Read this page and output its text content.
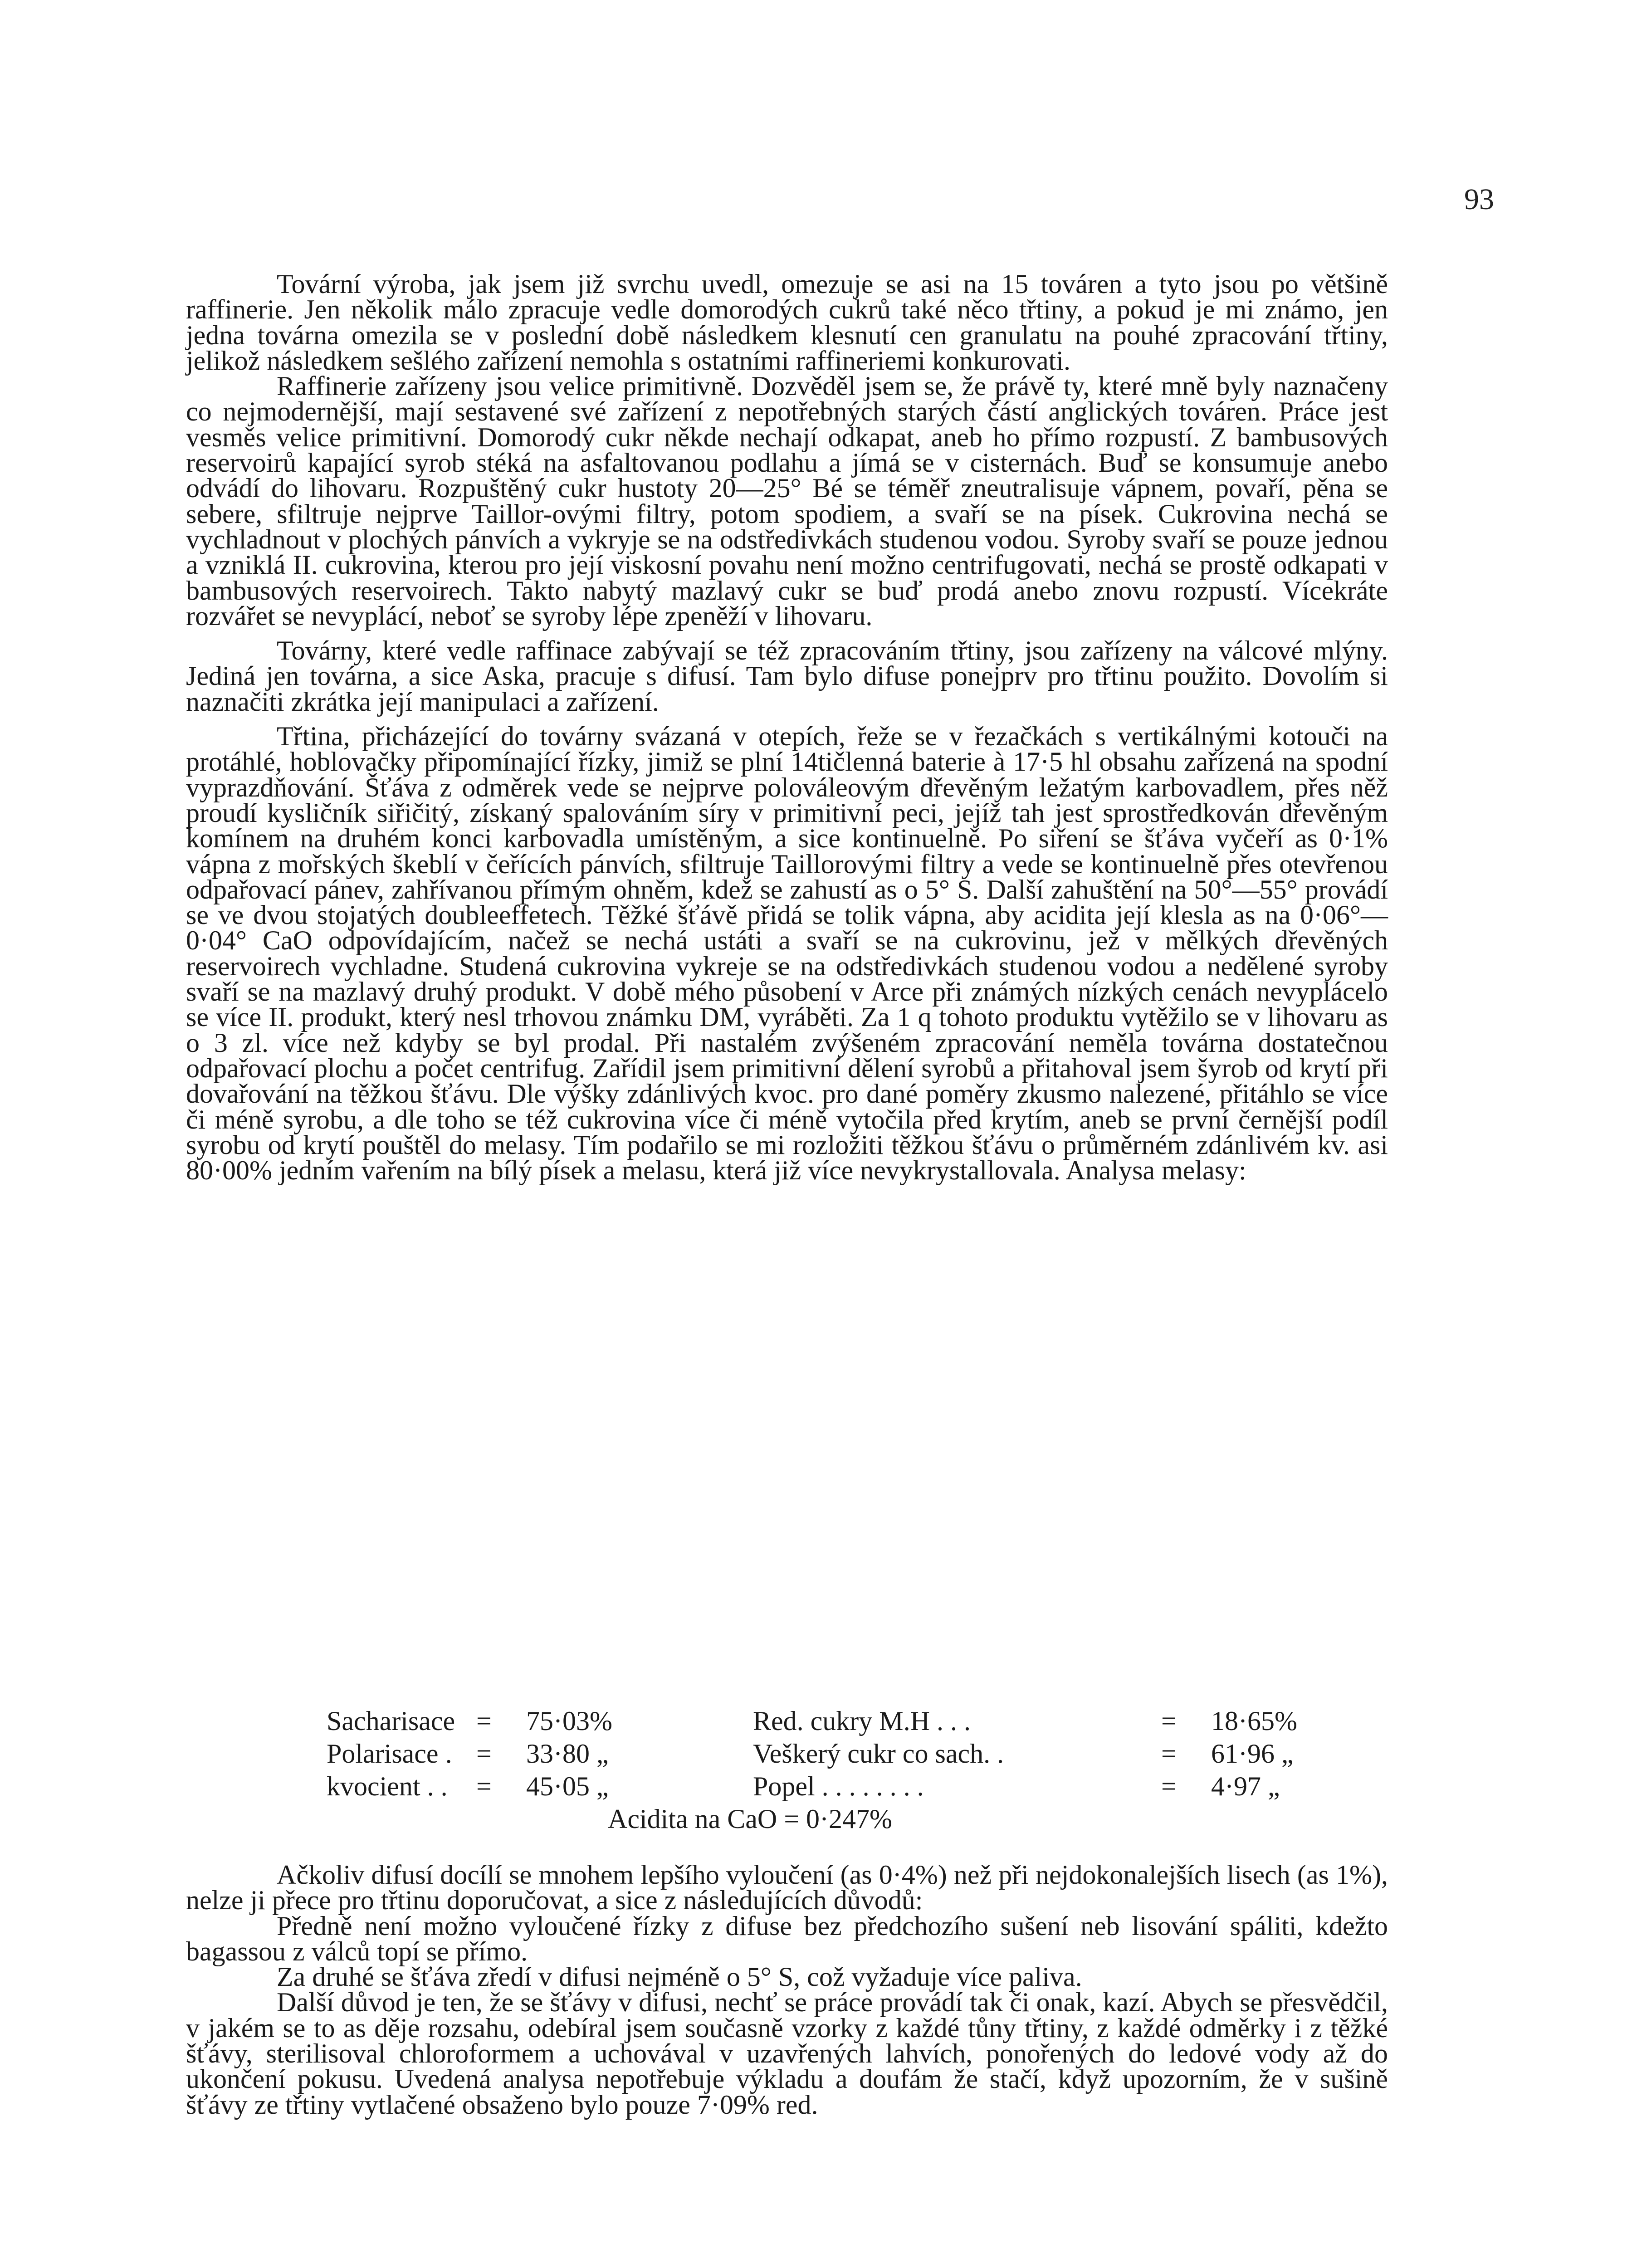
93

Tovární výroba, jak jsem již svrchu uvedl, omezuje se asi na 15 továren a tyto jsou po většině raffinerie. Jen několik málo zpracuje vedle domorodých cukrů také něco třtiny, a pokud je mi známo, jen jedna továrna omezila se v poslední době následkem klesnutí cen granulatu na pouhé zpracování třtiny, jelikož následkem sešlého zařízení nemohla s ostatními raffineriemi konkurovati.

Raffinerie zařízeny jsou velice primitivně. Dozvěděl jsem se, že právě ty, které mně byly naznačeny co nejmodernější, mají sestavené své zařízení z nepotřebných starých částí anglických továren. Práce jest vesměs velice primitivní. Domorodý cukr někde nechají odkapat, aneb ho přímo rozpustí. Z bambusových reservoirů kapající syrob stéká na asfaltovanou podlahu a jímá se v cisternách. Buď se konsumuje anebo odvádí do lihovaru. Rozpuštěný cukr hustoty 20—25° Bé se téměř zneutralisuje vápnem, povaří, pěna se sebere, sfiltruje nejprve Taillor-ovými filtry, potom spodiem, a svaří se na písek. Cukrovina nechá se vychladnout v plochých pánvích a vykryje se na odstředivkách studenou vodou. Syroby svaří se pouze jednou a vzniklá II. cukrovina, kterou pro její viskosní povahu není možno centrifugovati, nechá se prostě odkapati v bambusových reservoirech. Takto nabytý mazlavý cukr se buď prodá anebo znovu rozpustí. Vícekráte rozvářet se nevyplácí, neboť se syroby lépe zpeněží v lihovaru.

Továrny, které vedle raffinace zabývají se též zpracováním třtiny, jsou zařízeny na válcové mlýny. Jediná jen továrna, a sice Aska, pracuje s difusí. Tam bylo difuse ponejprv pro třtinu použito. Dovolím si naznačiti zkrátka její manipulaci a zařízení.

Třtina, přicházející do továrny svázaná v otepích, řeže se v řezačkách s vertikálnými kotouči na protáhlé, hoblovačky připomínající řízky, jimiž se plní 14tičlenná baterie à 17·5 hl obsahu zařízená na spodní vyprazdňování. Šťáva z odměrek vede se nejprve polováleovým dřevěným ležatým karbovadlem, přes něž proudí kysličník siřičitý, získaný spalováním síry v primitivní peci, jejíž tah jest sprostředkován dřevěným komínem na druhém konci karbovadla umístěným, a sice kontinuelně. Po siření se šťáva vyčeří as 0·1% vápna z mořských škeblí v čeřících pánvích, sfiltruje Taillorovými filtry a vede se kontinuelně přes otevřenou odpařovací pánev, zahřívanou přímým ohněm, kdež se zahustí as o 5° S. Další zahuštění na 50°—55° provádí se ve dvou stojatých doubleeffetech. Těžké šťávě přidá se tolik vápna, aby acidita její klesla as na 0·06°—0·04° CaO odpovídajícím, načež se nechá ustáti a svaří se na cukrovinu, jež v mělkých dřevěných reservoirech vychladne. Studená cukrovina vykreje se na odstředivkách studenou vodou a nedělené syroby svaří se na mazlavý druhý produkt. V době mého působení v Arce při známých nízkých cenách nevyplácelo se více II. produkt, který nesl trhovou známku DM, vyráběti. Za 1 q tohoto produktu vytěžilo se v lihovaru as o 3 zl. více než kdyby se byl prodal. Při nastalém zvýšeném zpracování neměla továrna dostatečnou odpařovací plochu a počet centrifug. Zařídil jsem primitivní dělení syrobů a přitahoval jsem šyrob od krytí při dovařování na těžkou šťávu. Dle výšky zdánlivých kvoc. pro dané poměry zkusmo nalezené, přitáhlo se více či méně syrobu, a dle toho se též cukrovina více či méně vytočila před krytím, aneb se první černější podíl syrobu od krytí pouštěl do melasy. Tím podařilo se mi rozložiti těžkou šťávu o průměrném zdánlivém kv. asi 80·00% jedním vařením na bílý písek a melasu, která již více nevykrystallovala. Analysa melasy:

Sacharisace =	75·03%	Red. cukry M.H . . .	=	18·65%
Polarisace . =	33·80 „	Veškerý cukr co sach. .	=	61·96 „
kvocient . .	=	45·05 „	Popel . . . . . . . .	=	4·97 „
Acidita na CaO = 0·247%

Ačkoliv difusí docílí se mnohem lepšího vyloučení (as 0·4%) než při nejdokonalejších lisech (as 1%), nelze ji přece pro třtinu doporučovat, a sice z následujících důvodů:

Předně není možno vyloučené řízky z difuse bez předchozího sušení neb lisování spáliti, kdežto bagassou z válců topí se přímo.

Za druhé se šťáva zředí v difusi nejméně o 5° S, což vyžaduje více paliva.

Další důvod je ten, že se šťávy v difusi, nechť se práce provádí tak či onak, kazí. Abych se přesvědčil, v jakém se to as děje rozsahu, odebíral jsem současně vzorky z každé tůny třtiny, z každé odměrky i z těžké šťávy, sterilisoval chloroformem a uchovával v uzavřených lahvích, ponořených do ledové vody až do ukončení pokusu. Uvedená analysa nepotřebuje výkladu a doufám že stačí, když upozorním, že v sušině šťávy ze třtiny vytlačené obsaženo bylo pouze 7·09% red.
